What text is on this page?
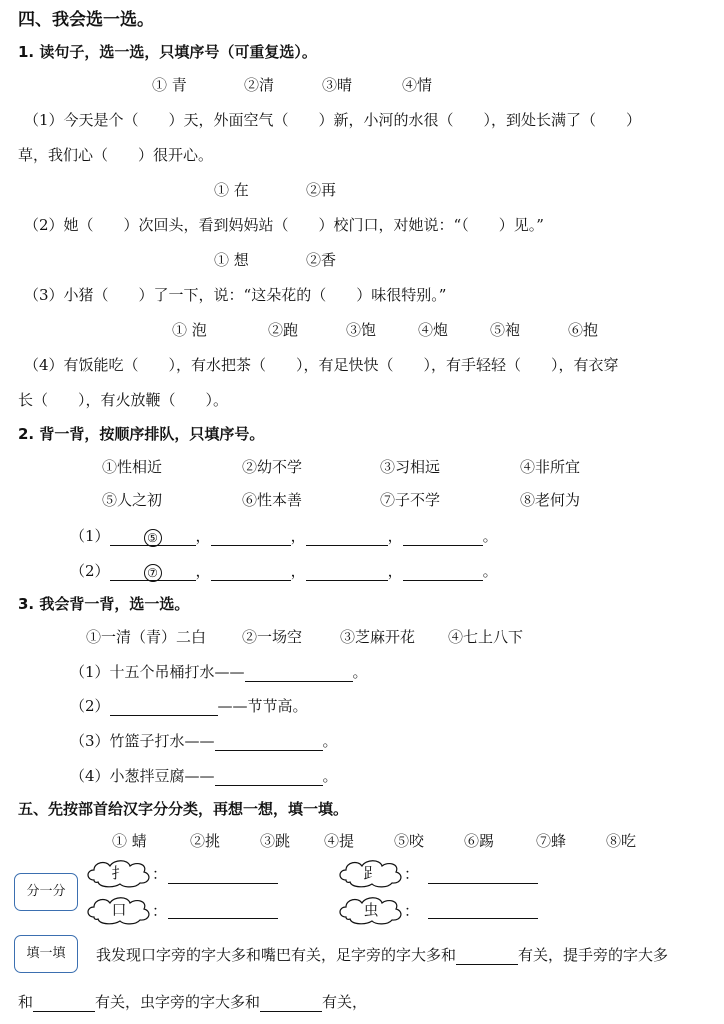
四、我会选一选。
1. 读句子，选一选，只填序号（可重复选）。
① 青	②清	③晴	④情
（1）今天是个（　　）天，外面空气（　　）新，小河的水很（　　），到处长满了（　　）
草，我们心（　　）很开心。
① 在	②再
（2）她（　　）次回头，看到妈妈站（　　）校门口，对她说：“（　　）见。”
① 想	②香
（3）小猪（　　）了一下，说：“这朵花的（　　）味很特别。”
① 泡	②跑	③饱	④炮	⑤袍	⑥抱
（4）有饭能吃（　　），有水把茶（　　），有足快快（　　），有手轻轻（　　），有衣穿
长（　　），有火放鞭（　　）。
2. 背一背，按顺序排队，只填序号。
①性相近	②幼不学	③习相远	④非所宜
⑤人之初	⑥性本善	⑦子不学	⑧老何为
（1）	⑤	，	，	，	。
（2）	⑦	，	，	，	。
3. 我会背一背，选一选。
①一清（青）二白 ②一场空	③芝麻开花 ④七上八下
（1）十五个吊桶打水——	。
（2）	——节节高。
（3）竹篮子打水——	。
（4）小葱拌豆腐——	。
五、先按部首给汉字分分类，再想一想，填一填。
① 蜻	②挑	③跳 ④提	⑤咬	⑥踢	⑦蜂	⑧吃
分一分
扌	：
口	：
𧾷	：
虫	：
填一填	我发现口字旁的字大多和嘴巴有关，足字旁的字大多和	有关，提手旁的字大多
和	有关，虫字旁的字大多和	有关，
